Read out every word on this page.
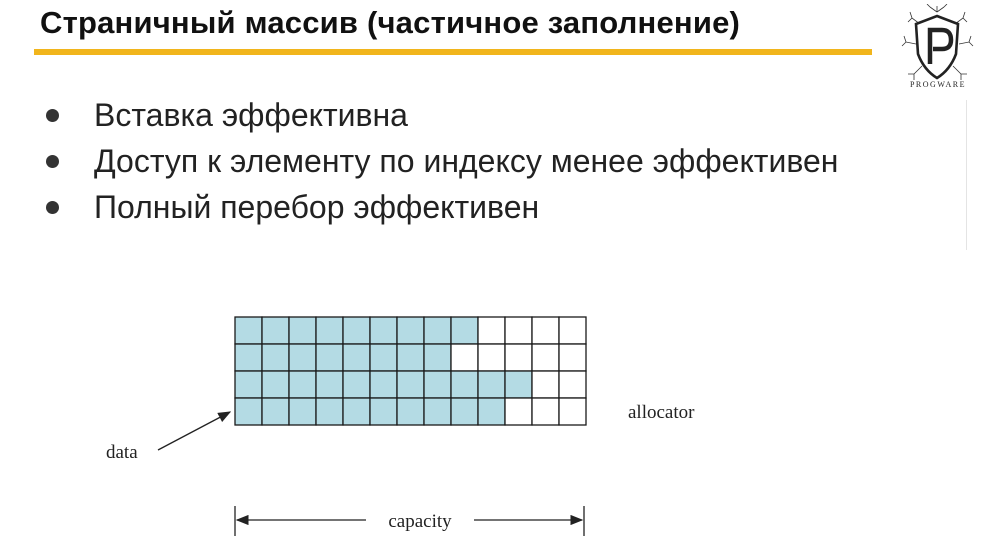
Страничный массив (частичное заполнение)
PROGWARE
Вставка эффективна
Доступ к элементу по индексу менее эффективен
Полный перебор эффективен
allocator
data
capacity
